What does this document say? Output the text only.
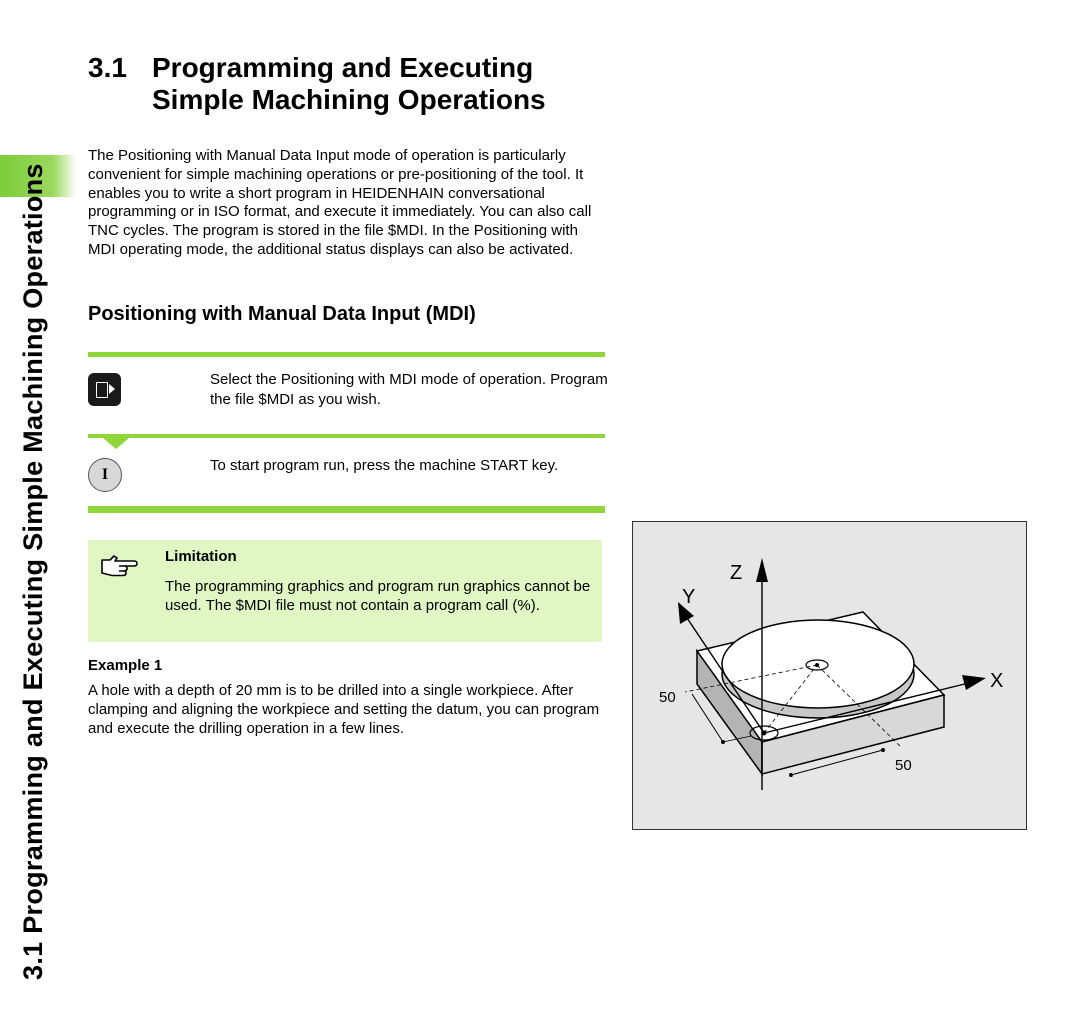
3.1 Programming and Executing Simple Machining Operations
3.1 Programming and Executing
Simple Machining Operations
The Positioning with Manual Data Input mode of operation is particularly convenient for simple machining operations or pre-positioning of the tool. It enables you to write a short program in HEIDENHAIN conversational programming or in ISO format, and execute it immediately. You can also call TNC cycles. The program is stored in the file $MDI. In the Positioning with MDI operating mode, the additional status displays can also be activated.
Positioning with Manual Data Input (MDI)
Select the Positioning with MDI mode of operation. Program the file $MDI as you wish.
I
To start program run, press the machine START key.
Limitation
The programming graphics and program run graphics cannot be used. The $MDI file must not contain a program call (%).
Example 1
A hole with a depth of 20 mm is to be drilled into a single workpiece. After clamping and aligning the workpiece and setting the datum, you can program and execute the drilling operation in a few lines.
Z
Y
X
50
50
